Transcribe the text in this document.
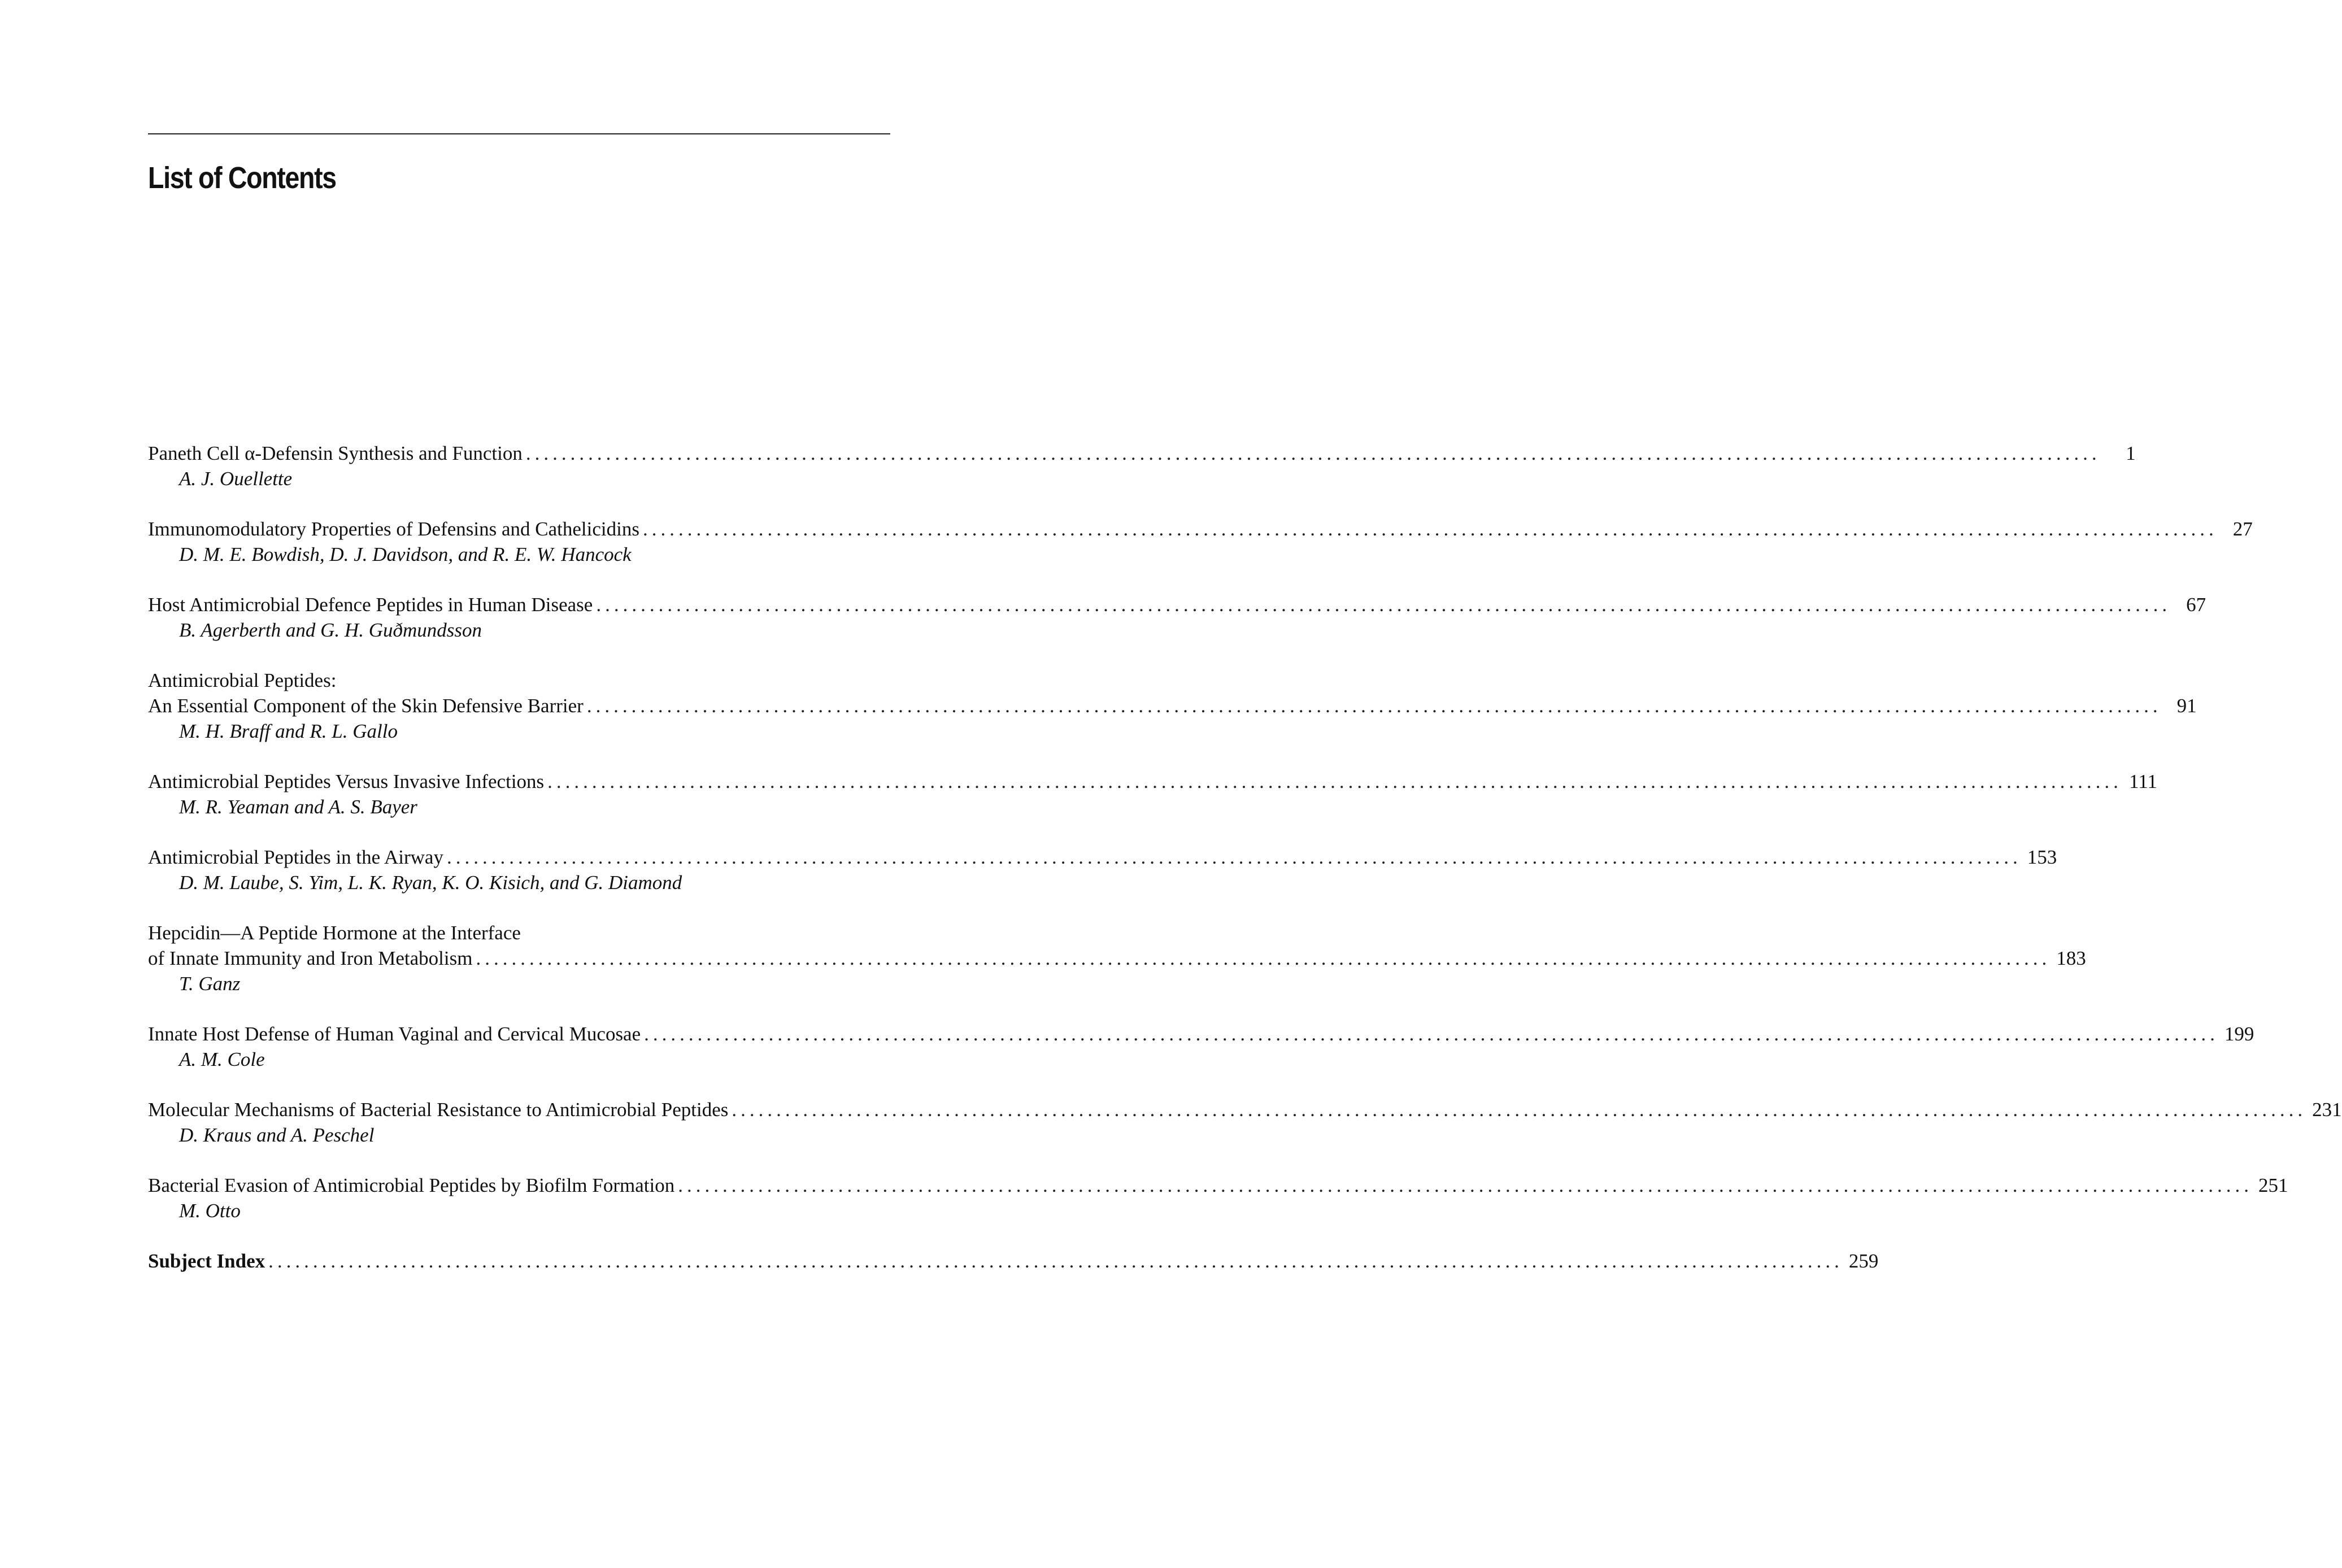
List of Contents
Paneth Cell α-Defensin Synthesis and Function .................................................................................................................................................................................	1
A. J. Ouellette
Immunomodulatory Properties of Defensins and Cathelicidins ................................................................................................................................................................................. 27
D. M. E. Bowdish, D. J. Davidson, and R. E. W. Hancock
Host Antimicrobial Defence Peptides in Human Disease ................................................................................................................................................................................. 67
B. Agerberth and G. H. Guðmundsson
Antimicrobial Peptides:
An Essential Component of the Skin Defensive Barrier ................................................................................................................................................................................. 91
M. H. Braff and R. L. Gallo
Antimicrobial Peptides Versus Invasive Infections ................................................................................................................................................................................. 111
M. R. Yeaman and A. S. Bayer
Antimicrobial Peptides in the Airway ................................................................................................................................................................................. 153
D. M. Laube, S. Yim, L. K. Ryan, K. O. Kisich, and G. Diamond
Hepcidin—A Peptide Hormone at the Interface
of Innate Immunity and Iron Metabolism ................................................................................................................................................................................. 183
T. Ganz
Innate Host Defense of Human Vaginal and Cervical Mucosae ................................................................................................................................................................................. 199
A. M. Cole
Molecular Mechanisms of Bacterial Resistance to Antimicrobial Peptides ................................................................................................................................................................................. 231
D. Kraus and A. Peschel
Bacterial Evasion of Antimicrobial Peptides by Biofilm Formation ................................................................................................................................................................................. 251
M. Otto
Subject Index ................................................................................................................................................................................. 259
